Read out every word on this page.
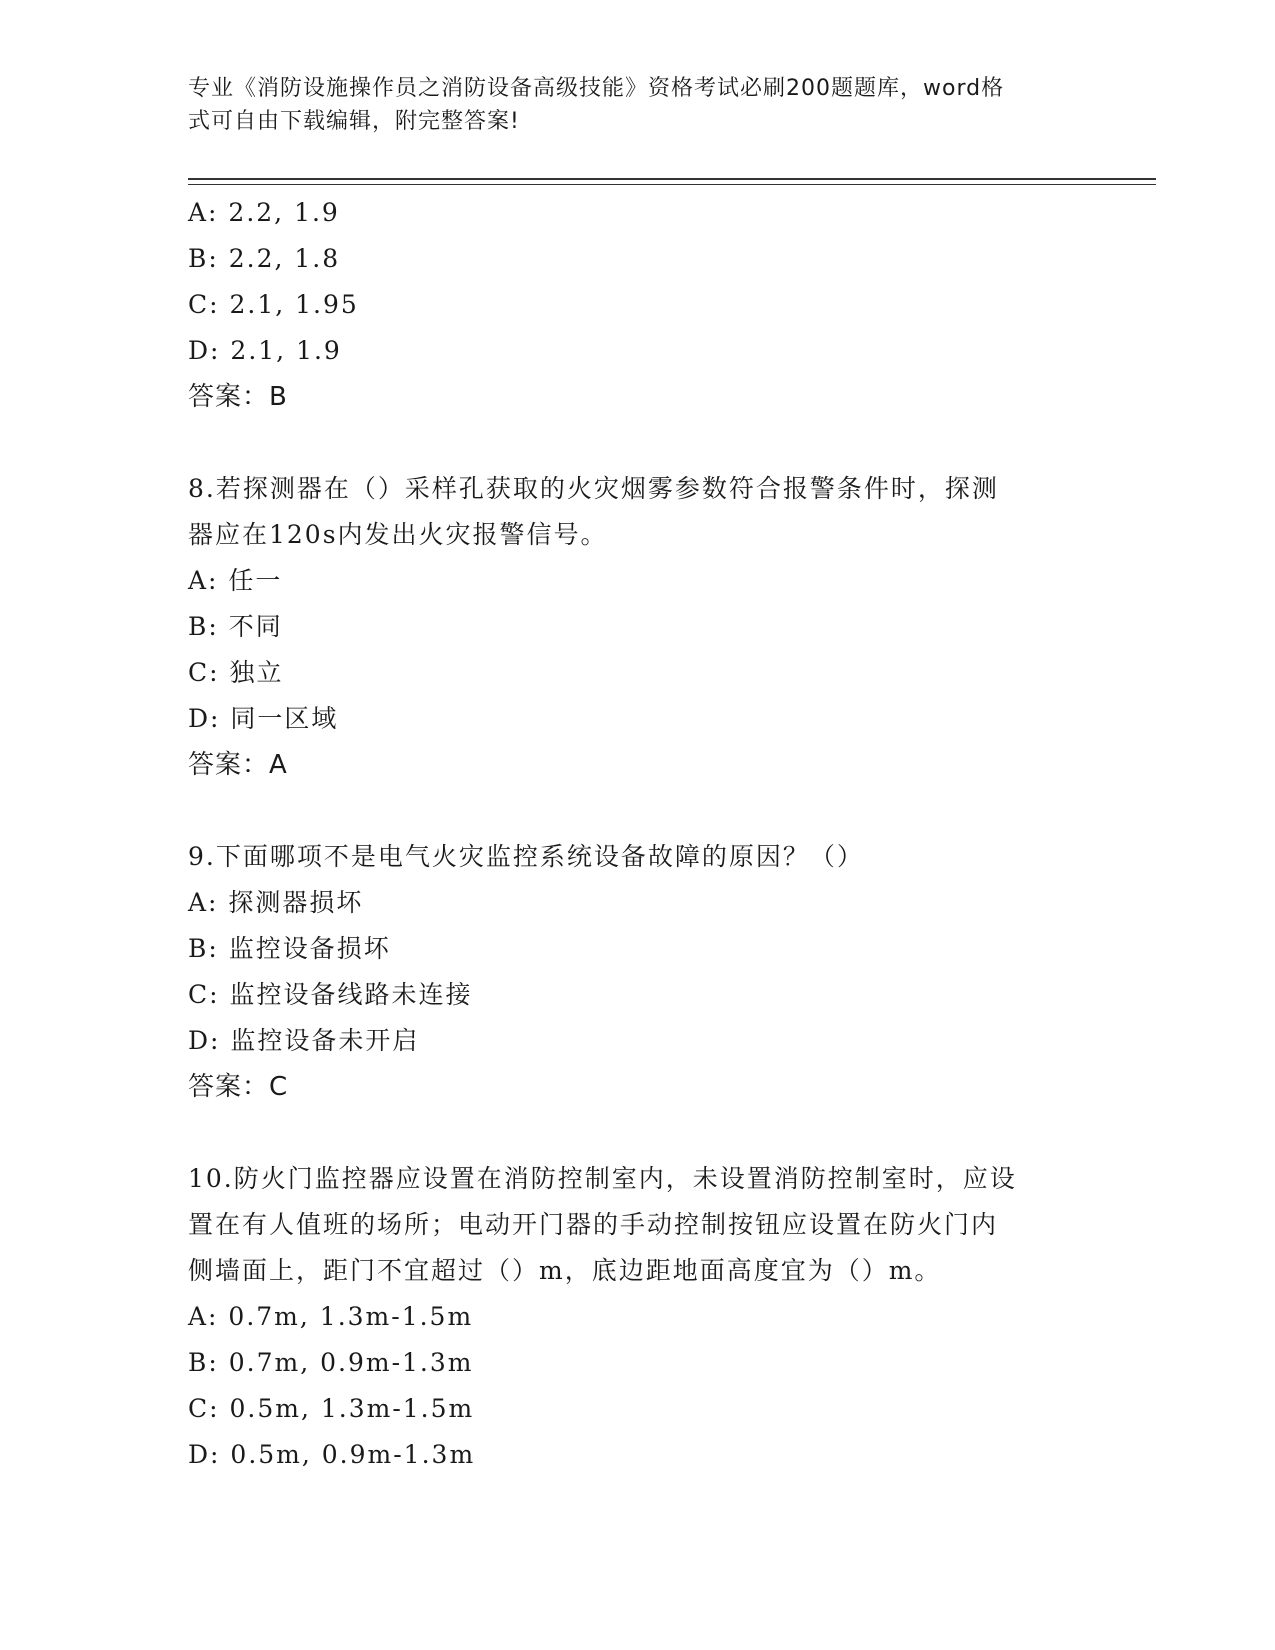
专业《消防设施操作员之消防设备高级技能》资格考试必刷200题题库，word格
式可自由下载编辑，附完整答案!
A: 2.2, 1.9
B: 2.2, 1.8
C: 2.1, 1.95
D: 2.1, 1.9
答案：B
8.若探测器在（）采样孔获取的火灾烟雾参数符合报警条件时，探测
器应在120s内发出火灾报警信号。
A: 任一
B: 不同
C: 独立
D: 同一区域
答案：A
9.下面哪项不是电气火灾监控系统设备故障的原因？（）
A: 探测器损坏
B: 监控设备损坏
C: 监控设备线路未连接
D: 监控设备未开启
答案：C
10.防火门监控器应设置在消防控制室内，未设置消防控制室时，应设
置在有人值班的场所；电动开门器的手动控制按钮应设置在防火门内
侧墙面上，距门不宜超过（）m，底边距地面高度宜为（）m。
A: 0.7m, 1.3m-1.5m
B: 0.7m, 0.9m-1.3m
C: 0.5m, 1.3m-1.5m
D: 0.5m, 0.9m-1.3m
